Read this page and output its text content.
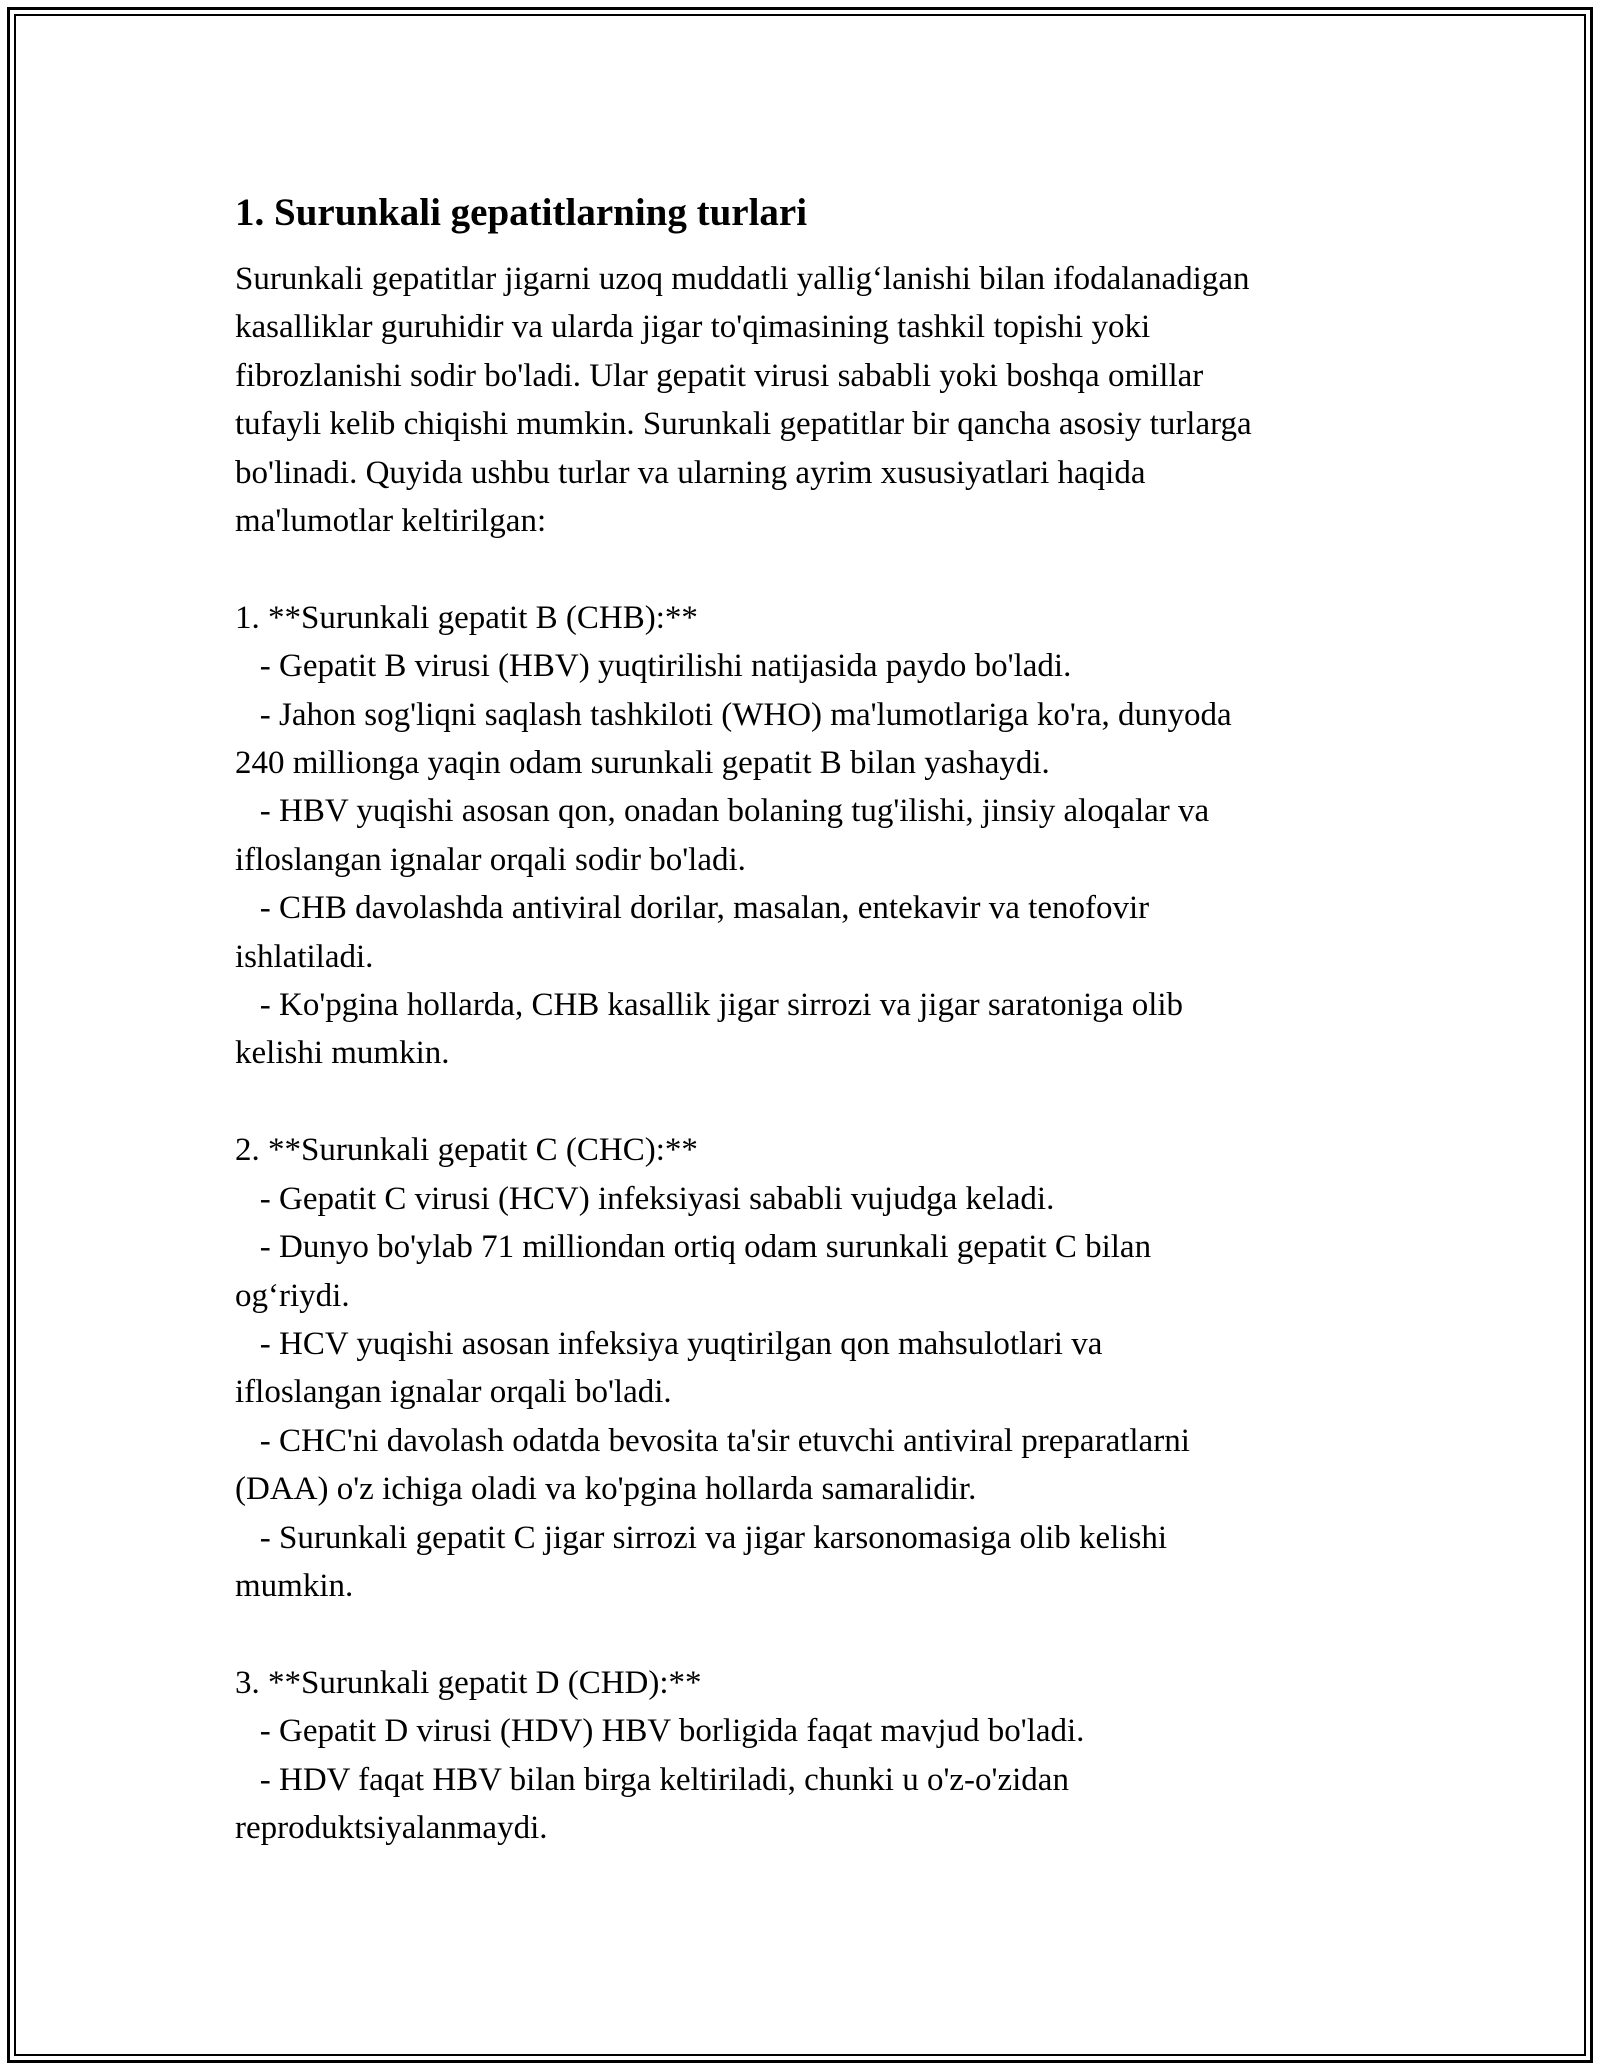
1. Surunkali gepatitlarning turlari
Surunkali gepatitlar jigarni uzoq muddatli yallig‘lanishi bilan ifodalanadigan
kasalliklar guruhidir va ularda jigar to'qimasining tashkil topishi yoki
fibrozlanishi sodir bo'ladi. Ular gepatit virusi sababli yoki boshqa omillar
tufayli kelib chiqishi mumkin. Surunkali gepatitlar bir qancha asosiy turlarga
bo'linadi. Quyida ushbu turlar va ularning ayrim xususiyatlari haqida
ma'lumotlar keltirilgan:
1. **Surunkali gepatit B (CHB):**
- Gepatit B virusi (HBV) yuqtirilishi natijasida paydo bo'ladi.
- Jahon sog'liqni saqlash tashkiloti (WHO) ma'lumotlariga ko'ra, dunyoda
240 millionga yaqin odam surunkali gepatit B bilan yashaydi.
- HBV yuqishi asosan qon, onadan bolaning tug'ilishi, jinsiy aloqalar va
ifloslangan ignalar orqali sodir bo'ladi.
- CHB davolashda antiviral dorilar, masalan, entekavir va tenofovir
ishlatiladi.
- Ko'pgina hollarda, CHB kasallik jigar sirrozi va jigar saratoniga olib
kelishi mumkin.
2. **Surunkali gepatit C (CHC):**
- Gepatit C virusi (HCV) infeksiyasi sababli vujudga keladi.
- Dunyo bo'ylab 71 milliondan ortiq odam surunkali gepatit C bilan
og‘riydi.
- HCV yuqishi asosan infeksiya yuqtirilgan qon mahsulotlari va
ifloslangan ignalar orqali bo'ladi.
- CHC'ni davolash odatda bevosita ta'sir etuvchi antiviral preparatlarni
(DAA) o'z ichiga oladi va ko'pgina hollarda samaralidir.
- Surunkali gepatit C jigar sirrozi va jigar karsonomasiga olib kelishi
mumkin.
3. **Surunkali gepatit D (CHD):**
- Gepatit D virusi (HDV) HBV borligida faqat mavjud bo'ladi.
- HDV faqat HBV bilan birga keltiriladi, chunki u o'z-o'zidan
reproduktsiyalanmaydi.
